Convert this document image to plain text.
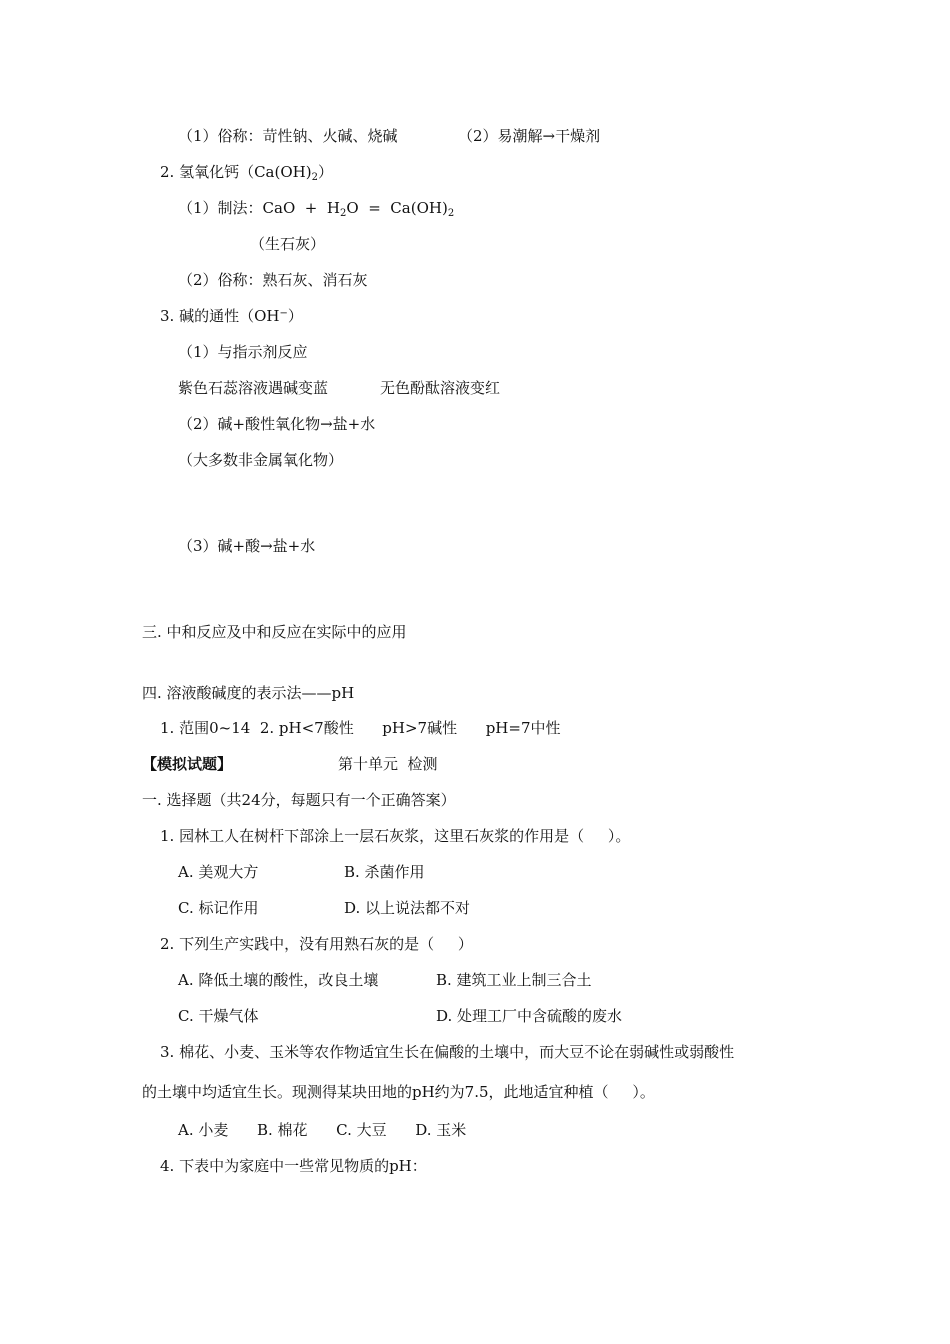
（1）俗称：苛性钠、火碱、烧碱	（2）易潮解→干燥剂
2. 氢氧化钙$(Ca(OH)_2)$
（1）制法：CaO  +  $H_2O = Ca(OH)_2$
（生石灰）
（2）俗称：熟石灰、消石灰
3. 碱的通性（OH−）
（1）与指示剂反应
紫色石蕊溶液遇碱变蓝	无色酚酞溶液变红
（2）碱+酸性氧化物→盐+水
（大多数非金属氧化物）
（3）碱+酸→盐+水
三. 中和反应及中和反应在实际中的应用
四. 溶液酸碱度的表示法——pH
1. 范围0~14  2. pH<7酸性      pH>7碱性      pH=7中性
【模拟试题】	第十单元  检测
一. 选择题（共24分，每题只有一个正确答案）
1. 园林工人在树杆下部涂上一层石灰浆，这里石灰浆的作用是（     ）。
A. 美观大方	B. 杀菌作用
C. 标记作用	D. 以上说法都不对
2. 下列生产实践中，没有用熟石灰的是（     ）
A. 降低土壤的酸性，改良土壤	B. 建筑工业上制三合土
C. 干燥气体	D. 处理工厂中含硫酸的废水
3. 棉花、小麦、玉米等农作物适宜生长在偏酸的土壤中，而大豆不论在弱碱性或弱酸性
的土壤中均适宜生长。现测得某块田地的pH约为7.5，此地适宜种植（     ）。
A. 小麦      B. 棉花      C. 大豆      D. 玉米
4. 下表中为家庭中一些常见物质的pH：
